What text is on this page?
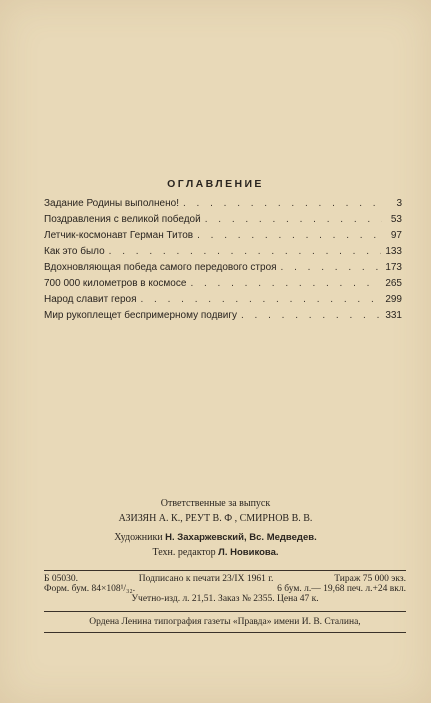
ОГЛАВЛЕНИЕ
Задание Родины выполнено! . . .	3
Поздравления с великой победой . . .	53
Летчик-космонавт Герман Титов . . .	97
Как это было . . .	133
Вдохновляющая победа самого передового строя . . .	173
700 000 километров в космосе . . .	265
Народ славит героя . . .	299
Мир рукоплещет беспримерному подвигу . . .	331
Ответственные за выпуск
АЗИЗЯН А. К., РЕУТ В. Ф , СМИРНОВ В. В.
Художники Н. Захаржевский, Вс. Медведев.
Техн. редактор Л. Новикова.
Б 05030.	Подписано к печати 23/IX 1961 г.	Тираж 75 000 экз.
Форм. бум. 84×108¹/₃₂.	6 бум. л.— 19,68 печ. л.+24 вкл.
Учетно-изд. л. 21,51. Заказ № 2355. Цена 47 к.
Ордена Ленина типография газеты «Правда» имени И. В. Сталина,
